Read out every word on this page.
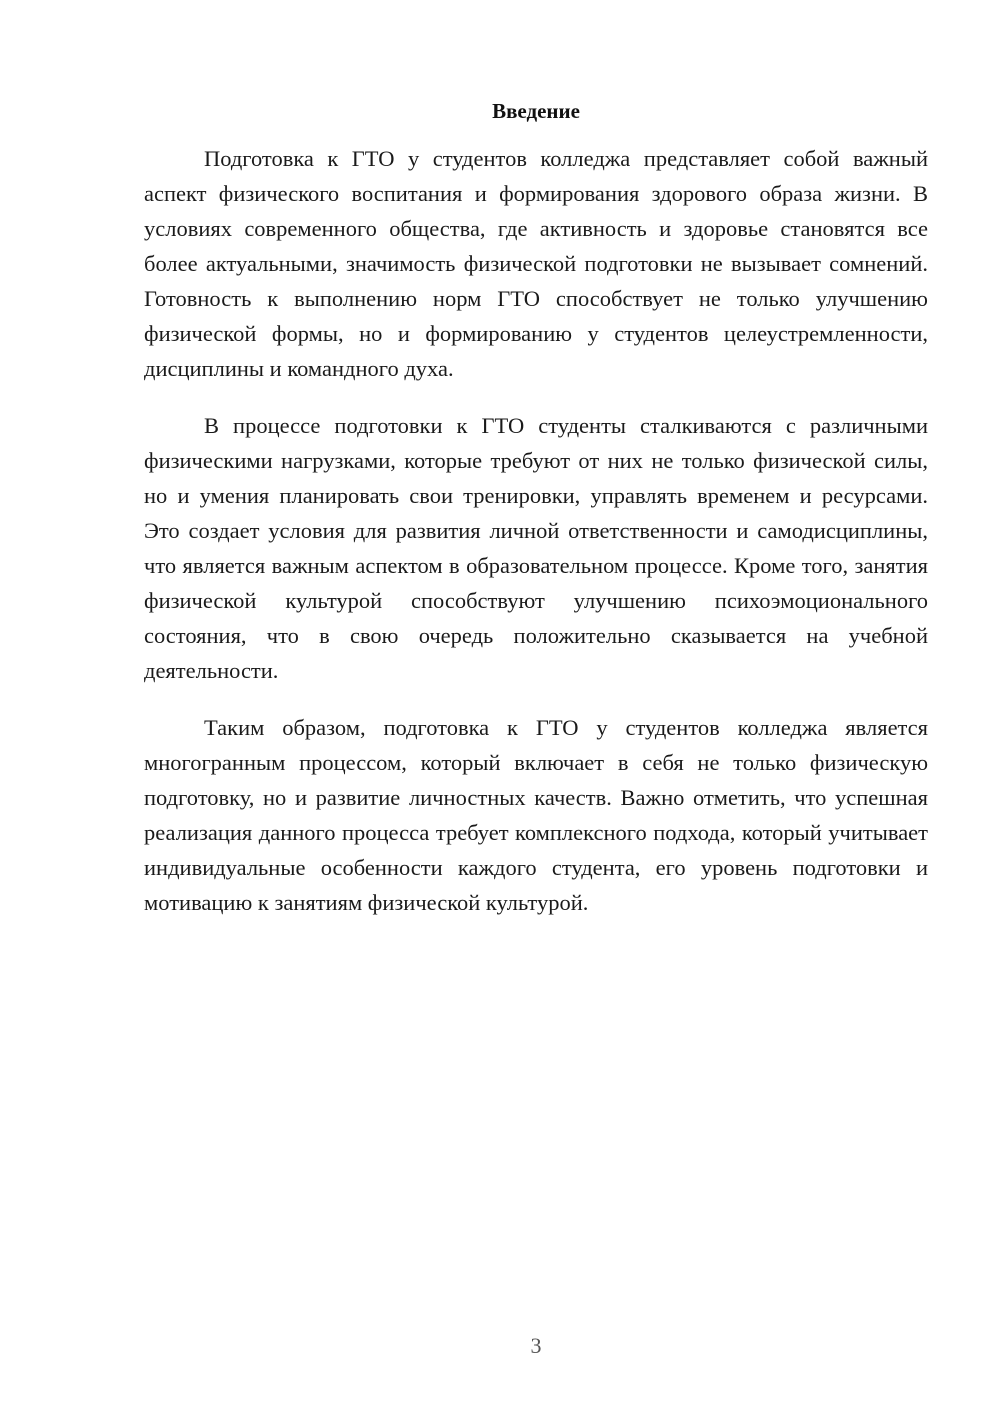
Введение

Подготовка к ГТО у студентов колледжа представляет собой важный аспект физического воспитания и формирования здорового образа жизни. В условиях современного общества, где активность и здоровье становятся все более актуальными, значимость физической подготовки не вызывает сомнений. Готовность к выполнению норм ГТО способствует не только улучшению физической формы, но и формированию у студентов целеустремленности, дисциплины и командного духа.

В процессе подготовки к ГТО студенты сталкиваются с различными физическими нагрузками, которые требуют от них не только физической силы, но и умения планировать свои тренировки, управлять временем и ресурсами. Это создает условия для развития личной ответственности и самодисциплины, что является важным аспектом в образовательном процессе. Кроме того, занятия физической культурой способствуют улучшению психоэмоционального состояния, что в свою очередь положительно сказывается на учебной деятельности.

Таким образом, подготовка к ГТО у студентов колледжа является многогранным процессом, который включает в себя не только физическую подготовку, но и развитие личностных качеств. Важно отметить, что успешная реализация данного процесса требует комплексного подхода, который учитывает индивидуальные особенности каждого студента, его уровень подготовки и мотивацию к занятиям физической культурой.

3
